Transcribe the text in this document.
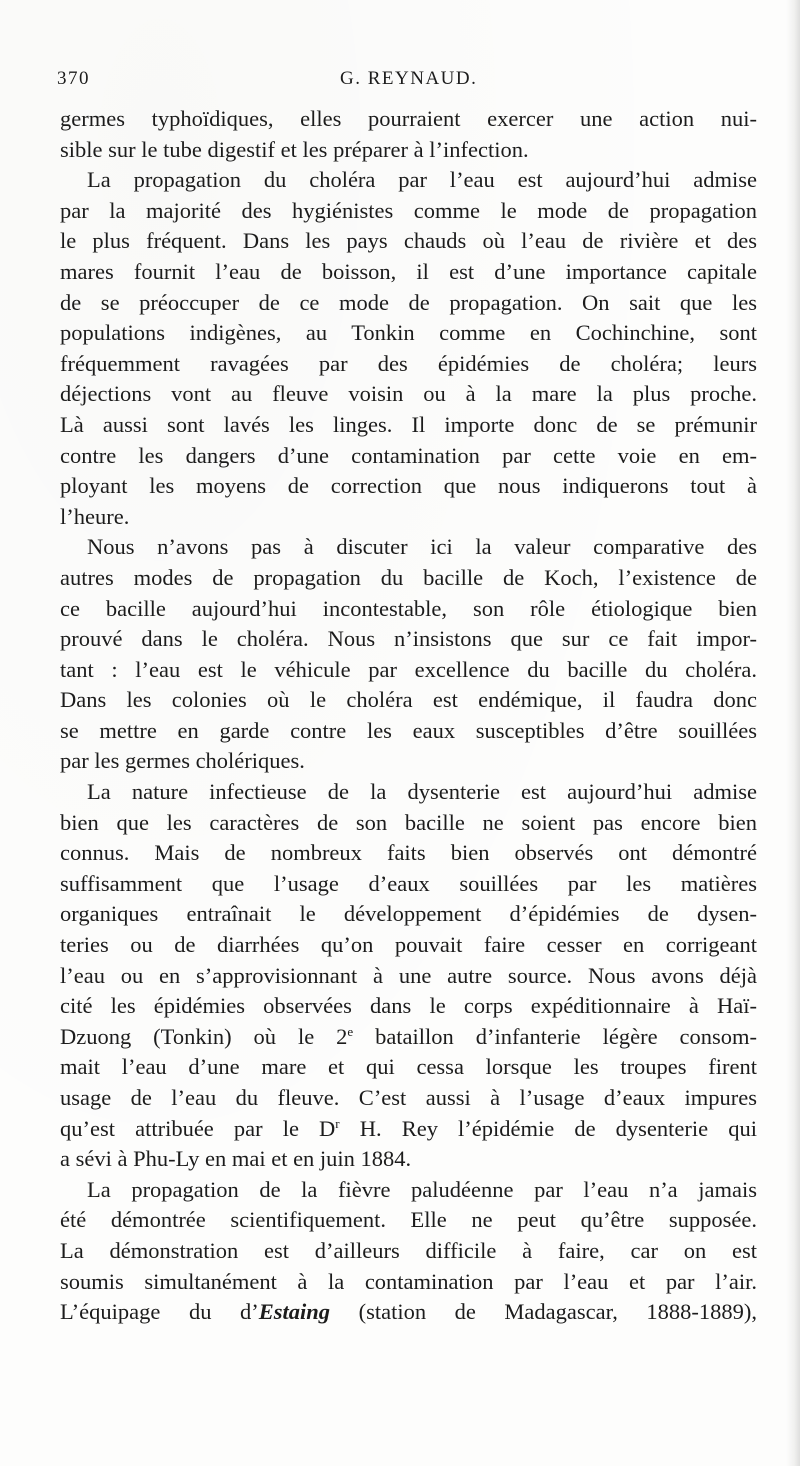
370	G. REYNAUD.
germes typhoïdiques, elles pourraient exercer une action nui-
sible sur le tube digestif et les préparer à l’infection.
La propagation du choléra par l’eau est aujourd’hui admise
par la majorité des hygiénistes comme le mode de propagation
le plus fréquent. Dans les pays chauds où l’eau de rivière et des
mares fournit l’eau de boisson, il est d’une importance capitale
de se préoccuper de ce mode de propagation. On sait que les
populations indigènes, au Tonkin comme en Cochinchine, sont
fréquemment ravagées par des épidémies de choléra; leurs
déjections vont au fleuve voisin ou à la mare la plus proche.
Là aussi sont lavés les linges. Il importe donc de se prémunir
contre les dangers d’une contamination par cette voie en em-
ployant les moyens de correction que nous indiquerons tout à
l’heure.
Nous n’avons pas à discuter ici la valeur comparative des
autres modes de propagation du bacille de Koch, l’existence de
ce bacille aujourd’hui incontestable, son rôle étiologique bien
prouvé dans le choléra. Nous n’insistons que sur ce fait impor-
tant : l’eau est le véhicule par excellence du bacille du choléra.
Dans les colonies où le choléra est endémique, il faudra donc
se mettre en garde contre les eaux susceptibles d’être souillées
par les germes cholériques.
La nature infectieuse de la dysenterie est aujourd’hui admise
bien que les caractères de son bacille ne soient pas encore bien
connus. Mais de nombreux faits bien observés ont démontré
suffisamment que l’usage d’eaux souillées par les matières
organiques entraînait le développement d’épidémies de dysen-
teries ou de diarrhées qu’on pouvait faire cesser en corrigeant
l’eau ou en s’approvisionnant à une autre source. Nous avons déjà
cité les épidémies observées dans le corps expéditionnaire à Haï-
Dzuong (Tonkin) où le 2e bataillon d’infanterie légère consom-
mait l’eau d’une mare et qui cessa lorsque les troupes firent
usage de l’eau du fleuve. C’est aussi à l’usage d’eaux impures
qu’est attribuée par le $D^r$ H. Rey l’épidémie de dysenterie qui
a sévi à Phu-Ly en mai et en juin 1884.
La propagation de la fièvre paludéenne par l’eau n’a jamais
été démontrée scientifiquement. Elle ne peut qu’être supposée.
La démonstration est d’ailleurs difficile à faire, car on est
soumis simultanément à la contamination par l’eau et par l’air.
L’équipage du d’Estaing (station de Madagascar, 1888-1889),
